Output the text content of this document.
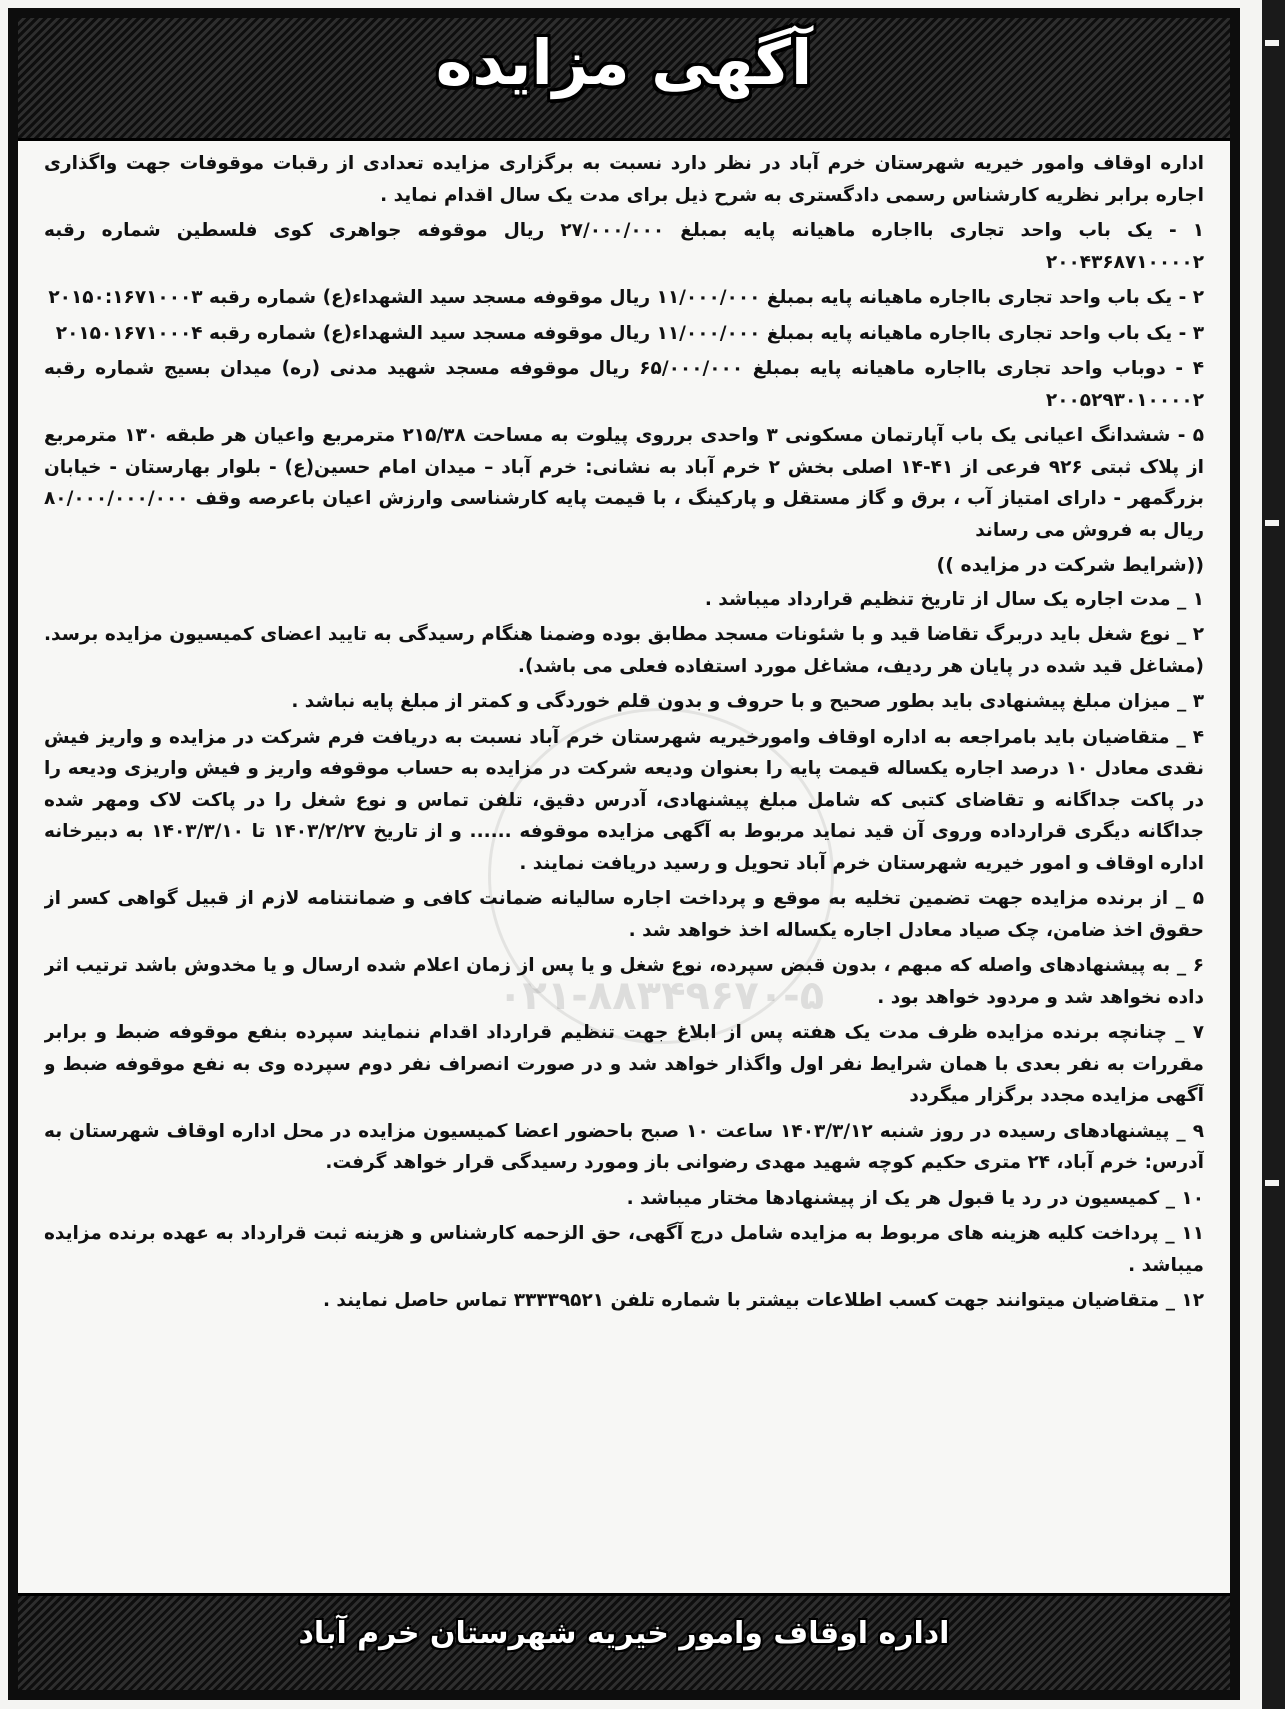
آگهی مزایده
۰۲۱-۸۸۳۴۹۶۷۰-۵

اداره اوقاف وامور خیریه شهرستان خرم آباد در نظر دارد نسبت به برگزاری مزایده تعدادی از رقبات موقوفات جهت واگذاری اجاره برابر نظریه کارشناس رسمی دادگستری به شرح ذیل برای مدت یک سال اقدام نماید .

۱ - یک باب واحد تجاری بااجاره ماهیانه پایه بمبلغ ۲۷/۰۰۰/۰۰۰ ریال موقوفه جواهری کوی فلسطین شماره رقبه ۲۰۰۴۳۶۸۷۱۰۰۰۰۲

۲ - یک باب واحد تجاری بااجاره ماهیانه پایه بمبلغ ۱۱/۰۰۰/۰۰۰ ریال موقوفه مسجد سید الشهداء(ع) شماره رقبه ۲۰۱۵۰:۱۶۷۱۰۰۰۳

۳ - یک باب واحد تجاری بااجاره ماهیانه پایه بمبلغ ۱۱/۰۰۰/۰۰۰ ریال موقوفه مسجد سید الشهداء(ع) شماره رقبه ۲۰۱۵۰۱۶۷۱۰۰۰۴

۴ - دوباب واحد تجاری بااجاره ماهیانه پایه بمبلغ ۶۵/۰۰۰/۰۰۰ ریال موقوفه مسجد شهید مدنی (ره) میدان بسیج شماره رقبه ۲۰۰۵۲۹۳۰۱۰۰۰۰۲

۵ - ششدانگ اعیانی یک باب آپارتمان مسکونی ۳ واحدی برروی پیلوت به مساحت ۲۱۵/۳۸ مترمربع واعیان هر طبقه ۱۳۰ مترمربع از پلاک ثبتی ۹۲۶ فرعی از ۴۱-۱۴ اصلی بخش ۲ خرم آباد به نشانی: خرم آباد – میدان امام حسین(ع) - بلوار بهارستان - خیابان بزرگمهر - دارای امتیاز آب ، برق و گاز مستقل و پارکینگ ، با قیمت پایه کارشناسی وارزش اعیان باعرصه وقف ۸۰/۰۰۰/۰۰۰/۰۰۰ ریال به فروش می رساند

((شرایط شرکت در مزایده ))

۱ _ مدت اجاره یک سال از تاریخ تنظیم قرارداد میباشد .

۲ _ نوع شغل باید دربرگ تقاضا قید و با شئونات مسجد مطابق بوده وضمنا هنگام رسیدگی به تایید اعضای کمیسیون مزایده برسد.(مشاغل قید شده در پایان هر ردیف، مشاغل مورد استفاده فعلی می باشد).

۳ _ میزان مبلغ پیشنهادی باید بطور صحیح و با حروف و بدون قلم خوردگی و کمتر از مبلغ پایه نباشد .

۴ _ متقاضیان باید بامراجعه به اداره اوقاف وامورخیریه شهرستان خرم آباد نسبت به دریافت فرم شرکت در مزایده و واریز فیش نقدی معادل ۱۰ درصد اجاره یکساله قیمت پایه را بعنوان ودیعه شرکت در مزایده به حساب موقوفه واریز و فیش واریزی ودیعه را در پاکت جداگانه و تقاضای کتبی که شامل مبلغ پیشنهادی، آدرس دقیق، تلفن تماس و نوع شغل را در پاکت لاک ومهر شده جداگانه دیگری قرارداده وروی آن قید نماید مربوط به آگهی مزایده موقوفه ...... و از تاریخ ۱۴۰۳/۲/۲۷ تا ۱۴۰۳/۳/۱۰ به دبیرخانه اداره اوقاف و امور خیریه شهرستان خرم آباد تحویل و رسید دریافت نمایند .

۵ _ از برنده مزایده جهت تضمین تخلیه به موقع و پرداخت اجاره سالیانه ضمانت کافی و ضمانتنامه لازم از قبیل گواهی کسر از حقوق اخذ ضامن، چک صیاد معادل اجاره یکساله اخذ خواهد شد .

۶ _ به پیشنهادهای واصله که مبهم ، بدون قبض سپرده، نوع شغل و یا پس از زمان اعلام شده ارسال و یا مخدوش باشد ترتیب اثر داده نخواهد شد و مردود خواهد بود .

۷ _ چنانچه برنده مزایده ظرف مدت یک هفته پس از ابلاغ جهت تنظیم قرارداد اقدام ننمایند سپرده بنفع موقوفه ضبط و برابر مقررات به نفر بعدی با همان شرایط نفر اول واگذار خواهد شد و در صورت انصراف نفر دوم سپرده وی به نفع موقوفه ضبط و آگهی مزایده مجدد برگزار میگردد

۹ _ پیشنهادهای رسیده در روز شنبه ۱۴۰۳/۳/۱۲ ساعت ۱۰ صبح باحضور اعضا کمیسیون مزایده در محل اداره اوقاف شهرستان به آدرس: خرم آباد، ۲۴ متری حکیم کوچه شهید مهدی رضوانی باز ومورد رسیدگی قرار خواهد گرفت.

۱۰ _ کمیسیون در رد یا قبول هر یک از پیشنهادها مختار میباشد .

۱۱ _ پرداخت کلیه هزینه های مربوط به مزایده شامل درج آگهی، حق الزحمه کارشناس و هزینه ثبت قرارداد به عهده برنده مزایده میباشد .

۱۲ _ متقاضیان میتوانند جهت کسب اطلاعات بیشتر با شماره تلفن ۳۳۳۳۹۵۲۱ تماس حاصل نمایند .

اداره اوقاف وامور خیریه شهرستان خرم آباد
